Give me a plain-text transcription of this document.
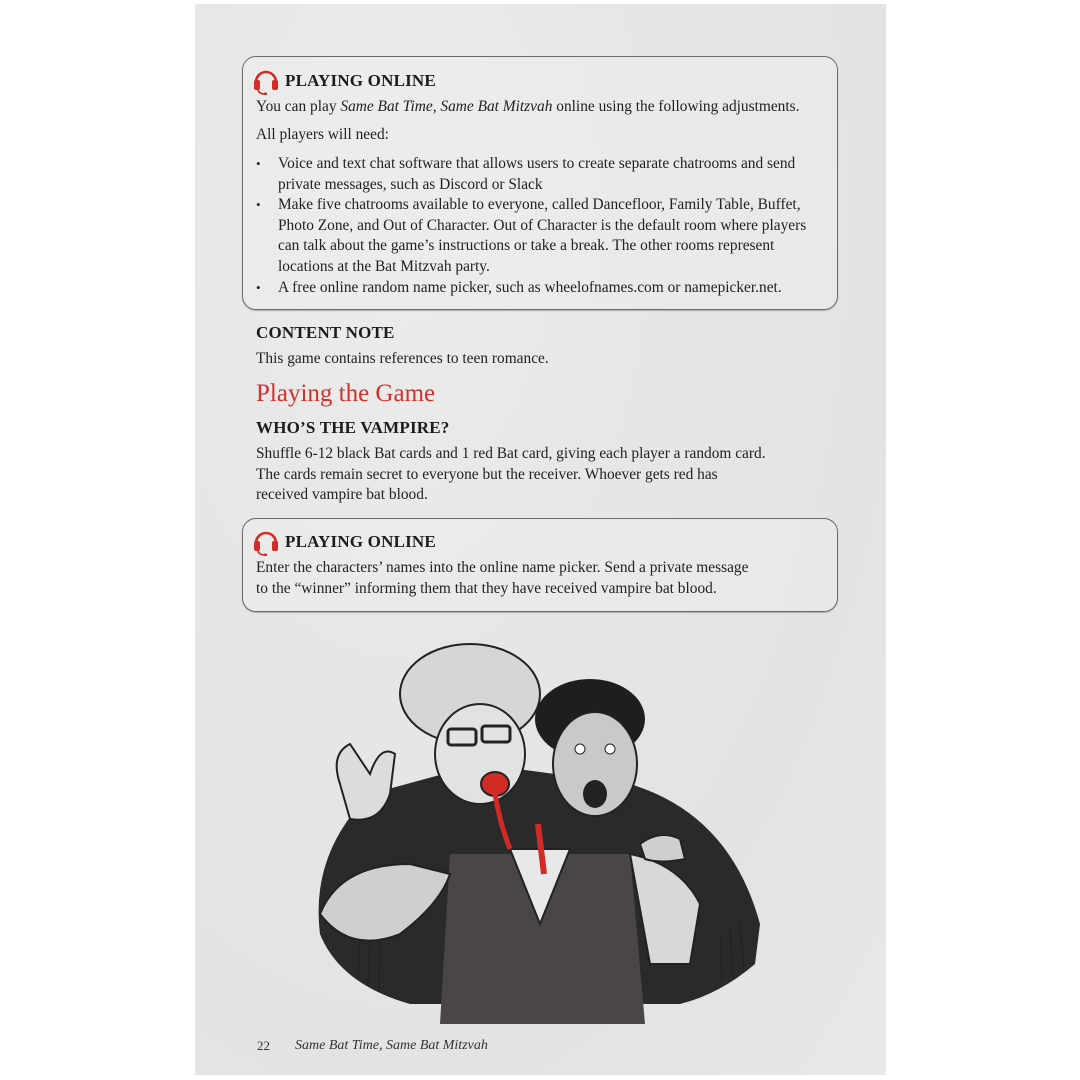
PLAYING ONLINE
You can play Same Bat Time, Same Bat Mitzvah online using the following adjustments.
All players will need:
• Voice and text chat software that allows users to create separate chatrooms and send private messages, such as Discord or Slack
• Make five chatrooms available to everyone, called Dancefloor, Family Table, Buffet, Photo Zone, and Out of Character. Out of Character is the default room where players can talk about the game’s instructions or take a break. The other rooms represent locations at the Bat Mitzvah party.
• A free online random name picker, such as wheelofnames.com or namepicker.net.
CONTENT NOTE
This game contains references to teen romance.
Playing the Game
WHO’S THE VAMPIRE?
Shuffle 6-12 black Bat cards and 1 red Bat card, giving each player a random card.
The cards remain secret to everyone but the receiver. Whoever gets red has
received vampire bat blood.
PLAYING ONLINE
Enter the characters’ names into the online name picker. Send a private message
to the “winner” informing them that they have received vampire bat blood.
22 Same Bat Time, Same Bat Mitzvah
